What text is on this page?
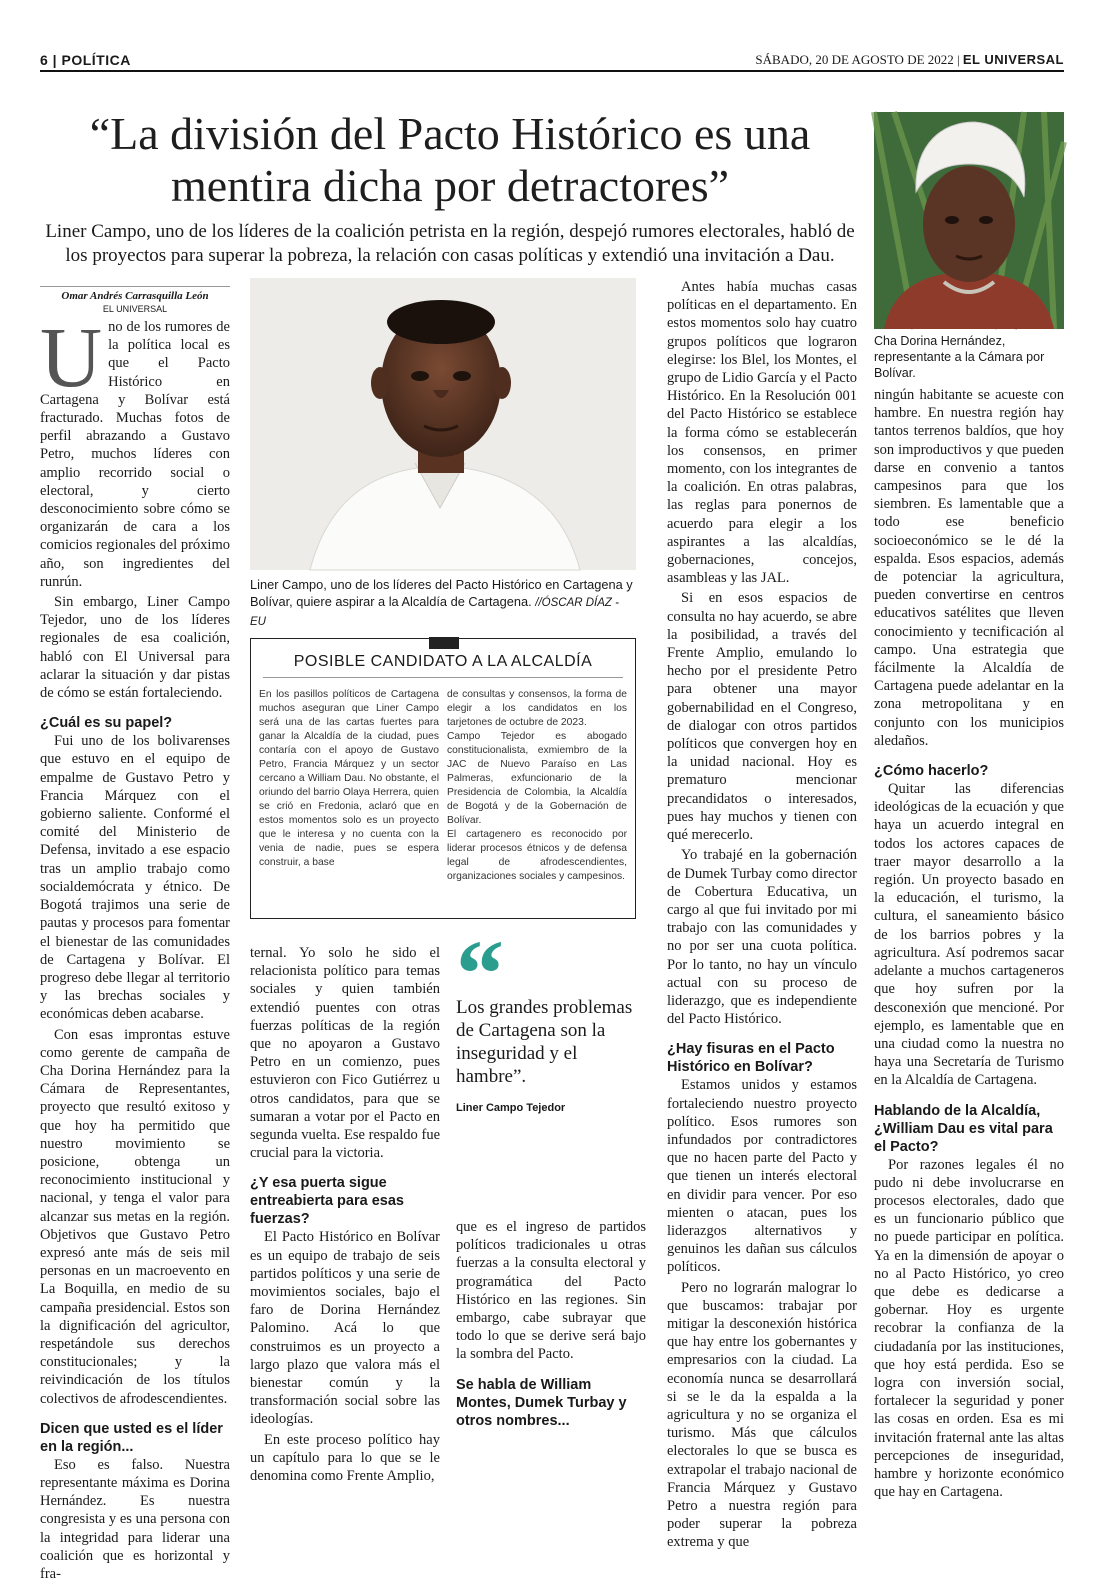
6 | POLÍTICA	SÁBADO, 20 DE AGOSTO DE 2022 | EL UNIVERSAL
“La división del Pacto Histórico es una mentira dicha por detractores”
Liner Campo, uno de los líderes de la coalición petrista en la región, despejó rumores electorales, habló de los proyectos para superar la pobreza, la relación con casas políticas y extendió una invitación a Dau.
Omar Andrés Carrasquilla León
EL UNIVERSAL

Uno de los rumores de la política local es que el Pacto Histórico en Cartagena y Bolívar está fracturado. Muchas fotos de perfil abrazando a Gustavo Petro, muchos líderes con amplio recorrido social o electoral, y cierto desconocimiento sobre cómo se organizarán de cara a los comicios regionales del próximo año, son ingredientes del runrún.

Sin embargo, Liner Campo Tejedor, uno de los líderes regionales de esa coalición, habló con El Universal para aclarar la situación y dar pistas de cómo se están fortaleciendo.

¿Cuál es su papel?

Fui uno de los bolivarenses que estuvo en el equipo de empalme de Gustavo Petro y Francia Márquez con el gobierno saliente. Conformé el comité del Ministerio de Defensa, invitado a ese espacio tras un amplio trabajo como socialdemócrata y étnico. De Bogotá trajimos una serie de pautas y procesos para fomentar el bienestar de las comunidades de Cartagena y Bolívar. El progreso debe llegar al territorio y las brechas sociales y económicas deben acabarse.

Con esas improntas estuve como gerente de campaña de Cha Dorina Hernández para la Cámara de Representantes, proyecto que resultó exitoso y que hoy ha permitido que nuestro movimiento se posicione, obtenga un reconocimiento institucional y nacional, y tenga el valor para alcanzar sus metas en la región. Objetivos que Gustavo Petro expresó ante más de seis mil personas en un macroevento en La Boquilla, en medio de su campaña presidencial. Estos son la dignificación del agricultor, respetándole sus derechos constitucionales; y la reivindicación de los títulos colectivos de afrodescendientes.

Dicen que usted es el líder en la región...

Eso es falso. Nuestra representante máxima es Dorina Hernández. Es nuestra congresista y es una persona con la integridad para liderar una coalición que es horizontal y fra-

Liner Campo, uno de los líderes del Pacto Histórico en Cartagena y Bolívar, quiere aspirar a la Alcaldía de Cartagena. //ÓSCAR DÍAZ - EU
Cha Dorina Hernández, representante a la Cámara por Bolívar.
POSIBLE CANDIDATO A LA ALCALDÍA
En los pasillos políticos de Cartagena muchos aseguran que Liner Campo será una de las cartas fuertes para ganar la Alcaldía de la ciudad, pues contaría con el apoyo de Gustavo Petro, Francia Márquez y un sector cercano a William Dau. No obstante, el oriundo del barrio Olaya Herrera, quien se crió en Fredonia, aclaró que en estos momentos solo es un proyecto que le interesa y no cuenta con la venia de nadie, pues se espera construir, a base
de consultas y consensos, la forma de elegir a los candidatos en los tarjetones de octubre de 2023.
Campo Tejedor es abogado constitucionalista, exmiembro de la JAC de Nuevo Paraíso en Las Palmeras, exfuncionario de la Presidencia de Colombia, la Alcaldía de Bogotá y de la Gobernación de Bolívar.
El cartagenero es reconocido por liderar procesos étnicos y de defensa legal de afrodescendientes, organizaciones sociales y campesinos.

ternal. Yo solo he sido el relacionista político para temas sociales y quien también extendió puentes con otras fuerzas políticas de la región que no apoyaron a Gustavo Petro en un comienzo, pues estuvieron con Fico Gutiérrez u otros candidatos, para que se sumaran a votar por el Pacto en segunda vuelta. Ese respaldo fue crucial para la victoria.

¿Y esa puerta sigue entreabierta para esas fuerzas?

El Pacto Histórico en Bolívar es un equipo de trabajo de seis partidos políticos y una serie de movimientos sociales, bajo el faro de Dorina Hernández Palomino. Acá lo que construimos es un proyecto a largo plazo que valora más el bienestar común y la transformación social sobre las ideologías.

En este proceso político hay un capítulo para lo que se le denomina como Frente Amplio,

“
Los grandes problemas de Cartagena son la inseguridad y el hambre”.
Liner Campo Tejedor

que es el ingreso de partidos políticos tradicionales u otras fuerzas a la consulta electoral y programática del Pacto Histórico en las regiones. Sin embargo, cabe subrayar que todo lo que se derive será bajo la sombra del Pacto.

Se habla de William Montes, Dumek Turbay y otros nombres...

Antes había muchas casas políticas en el departamento. En estos momentos solo hay cuatro grupos políticos que lograron elegirse: los Blel, los Montes, el grupo de Lidio García y el Pacto Histórico. En la Resolución 001 del Pacto Histórico se establece la forma cómo se establecerán los consensos, en primer momento, con los integrantes de la coalición. En otras palabras, las reglas para ponernos de acuerdo para elegir a los aspirantes a las alcaldías, gobernaciones, concejos, asambleas y las JAL.

Si en esos espacios de consulta no hay acuerdo, se abre la posibilidad, a través del Frente Amplio, emulando lo hecho por el presidente Petro para obtener una mayor gobernabilidad en el Congreso, de dialogar con otros partidos políticos que convergen hoy en la unidad nacional. Hoy es prematuro mencionar precandidatos o interesados, pues hay muchos y tienen con qué merecerlo.

Yo trabajé en la gobernación de Dumek Turbay como director de Cobertura Educativa, un cargo al que fui invitado por mi trabajo con las comunidades y no por ser una cuota política. Por lo tanto, no hay un vínculo actual con su proceso de liderazgo, que es independiente del Pacto Histórico.

¿Hay fisuras en el Pacto Histórico en Bolívar?

Estamos unidos y estamos fortaleciendo nuestro proyecto político. Esos rumores son infundados por contradictores que no hacen parte del Pacto y que tienen un interés electoral en dividir para vencer. Por eso mienten o atacan, pues los liderazgos alternativos y genuinos les dañan sus cálculos políticos.

Pero no lograrán malograr lo que buscamos: trabajar por mitigar la desconexión histórica que hay entre los gobernantes y empresarios con la ciudad. La economía nunca se desarrollará si se le da la espalda a la agricultura y no se organiza el turismo. Más que cálculos electorales lo que se busca es extrapolar el trabajo nacional de Francia Márquez y Gustavo Petro a nuestra región para poder superar la pobreza extrema y que

ningún habitante se acueste con hambre. En nuestra región hay tantos terrenos baldíos, que hoy son improductivos y que pueden darse en convenio a tantos campesinos para que los siembren. Es lamentable que a todo ese beneficio socioeconómico se le dé la espalda. Esos espacios, además de potenciar la agricultura, pueden convertirse en centros educativos satélites que lleven conocimiento y tecnificación al campo. Una estrategia que fácilmente la Alcaldía de Cartagena puede adelantar en la zona metropolitana y en conjunto con los municipios aledaños.

¿Cómo hacerlo?

Quitar las diferencias ideológicas de la ecuación y que haya un acuerdo integral en todos los actores capaces de traer mayor desarrollo a la región. Un proyecto basado en la educación, el turismo, la cultura, el saneamiento básico de los barrios pobres y la agricultura. Así podremos sacar adelante a muchos cartageneros que hoy sufren por la desconexión que mencioné. Por ejemplo, es lamentable que en una ciudad como la nuestra no haya una Secretaría de Turismo en la Alcaldía de Cartagena.

Hablando de la Alcaldía, ¿William Dau es vital para el Pacto?

Por razones legales él no pudo ni debe involucrarse en procesos electorales, dado que es un funcionario público que no puede participar en política. Ya en la dimensión de apoyar o no al Pacto Histórico, yo creo que debe es dedicarse a gobernar. Hoy es urgente recobrar la confianza de la ciudadanía por las instituciones, que hoy está perdida. Eso se logra con inversión social, fortalecer la seguridad y poner las cosas en orden. Esa es mi invitación fraternal ante las altas percepciones de inseguridad, hambre y horizonte económico que hay en Cartagena.
